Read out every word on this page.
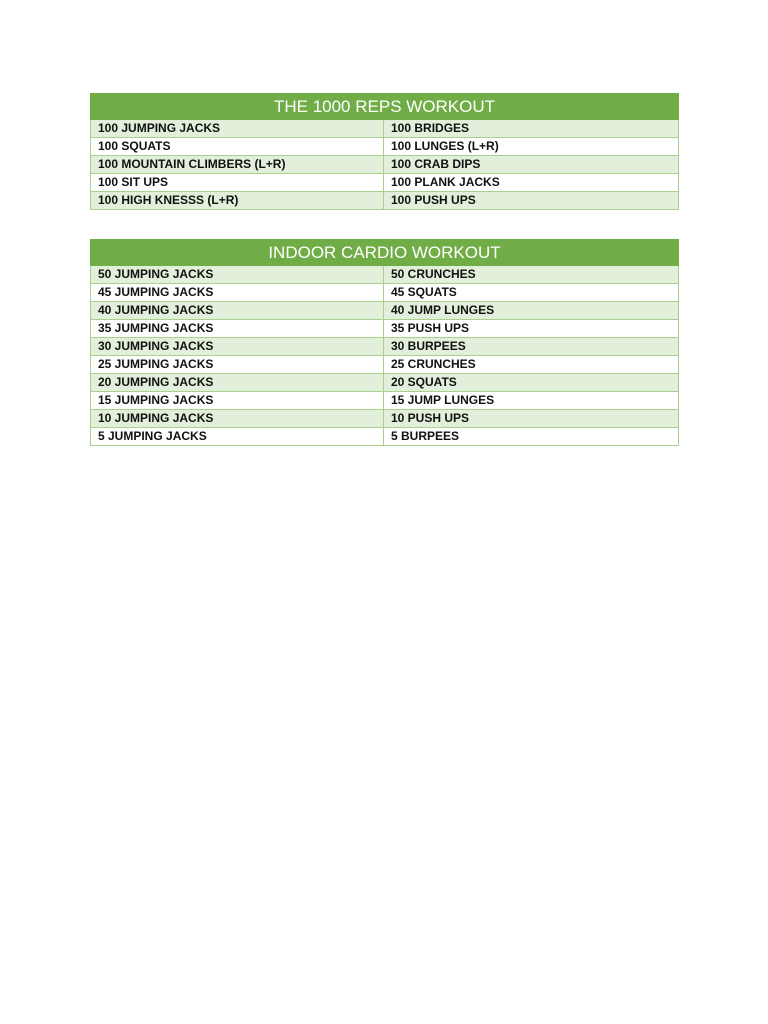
THE 1000 REPS WORKOUT	
100 JUMPING JACKS	100 BRIDGES
100 SQUATS	100 LUNGES (L+R)
100 MOUNTAIN CLIMBERS (L+R)	100 CRAB DIPS
100 SIT UPS	100 PLANK JACKS
100 HIGH KNESSS (L+R)	100 PUSH UPS
INDOOR CARDIO WORKOUT	
50 JUMPING JACKS	50 CRUNCHES
45 JUMPING JACKS	45 SQUATS
40 JUMPING JACKS	40 JUMP LUNGES
35 JUMPING JACKS	35 PUSH UPS
30 JUMPING JACKS	30 BURPEES
25 JUMPING JACKS	25 CRUNCHES
20 JUMPING JACKS	20 SQUATS
15 JUMPING JACKS	15 JUMP LUNGES
10 JUMPING JACKS	10 PUSH UPS
5 JUMPING JACKS	5 BURPEES
